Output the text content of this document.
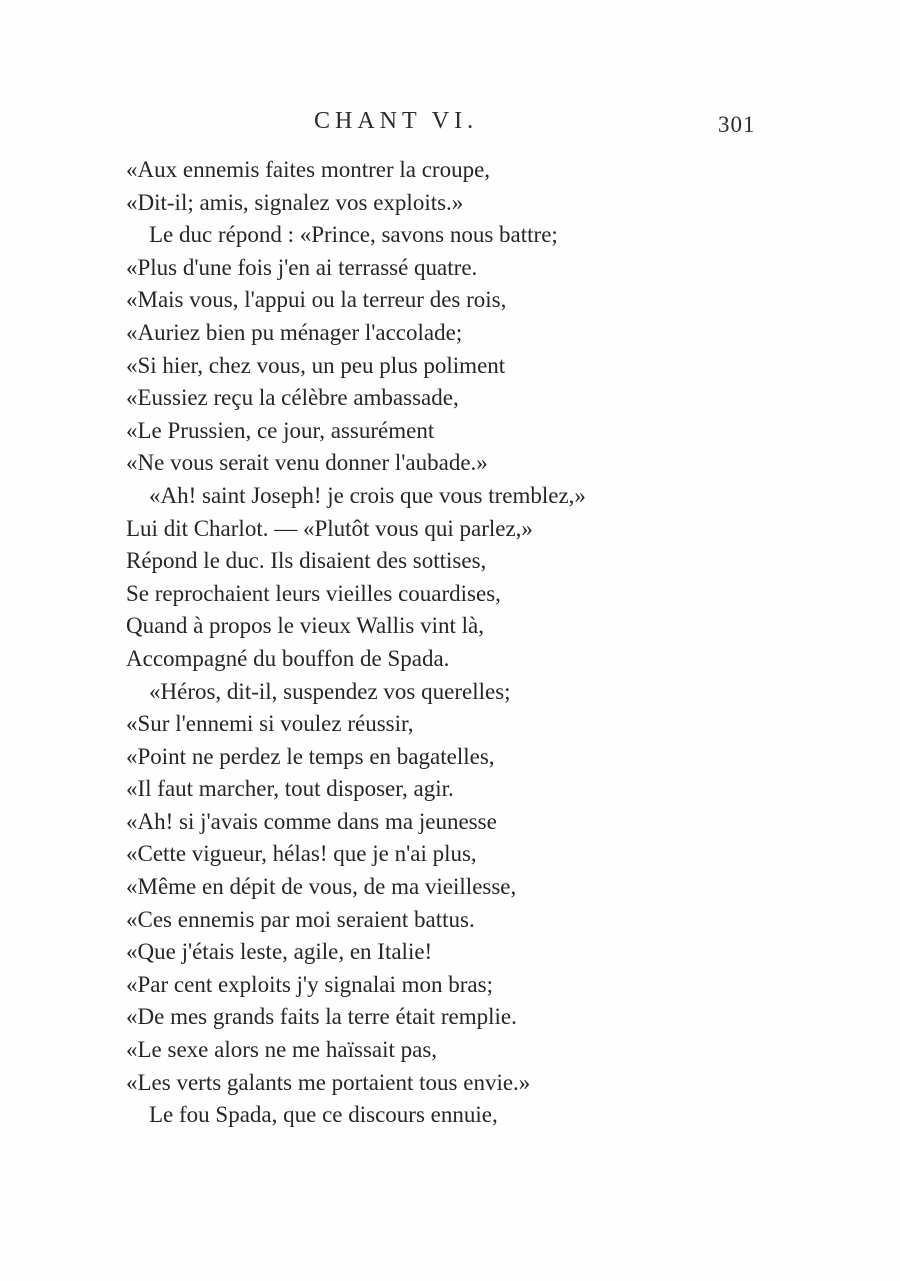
CHANT VI.	301
«Aux ennemis faites montrer la croupe,
«Dit-il; amis, signalez vos exploits.»
Le duc répond : «Prince, savons nous battre;
«Plus d'une fois j'en ai terrassé quatre.
«Mais vous, l'appui ou la terreur des rois,
«Auriez bien pu ménager l'accolade;
«Si hier, chez vous, un peu plus poliment
«Eussiez reçu la célèbre ambassade,
«Le Prussien, ce jour, assurément
«Ne vous serait venu donner l'aubade.»
«Ah! saint Joseph! je crois que vous tremblez,»
Lui dit Charlot. — «Plutôt vous qui parlez,»
Répond le duc. Ils disaient des sottises,
Se reprochaient leurs vieilles couardises,
Quand à propos le vieux Wallis vint là,
Accompagné du bouffon de Spada.
«Héros, dit-il, suspendez vos querelles;
«Sur l'ennemi si voulez réussir,
«Point ne perdez le temps en bagatelles,
«Il faut marcher, tout disposer, agir.
«Ah! si j'avais comme dans ma jeunesse
«Cette vigueur, hélas! que je n'ai plus,
«Même en dépit de vous, de ma vieillesse,
«Ces ennemis par moi seraient battus.
«Que j'étais leste, agile, en Italie!
«Par cent exploits j'y signalai mon bras;
«De mes grands faits la terre était remplie.
«Le sexe alors ne me haïssait pas,
«Les verts galants me portaient tous envie.»
Le fou Spada, que ce discours ennuie,
